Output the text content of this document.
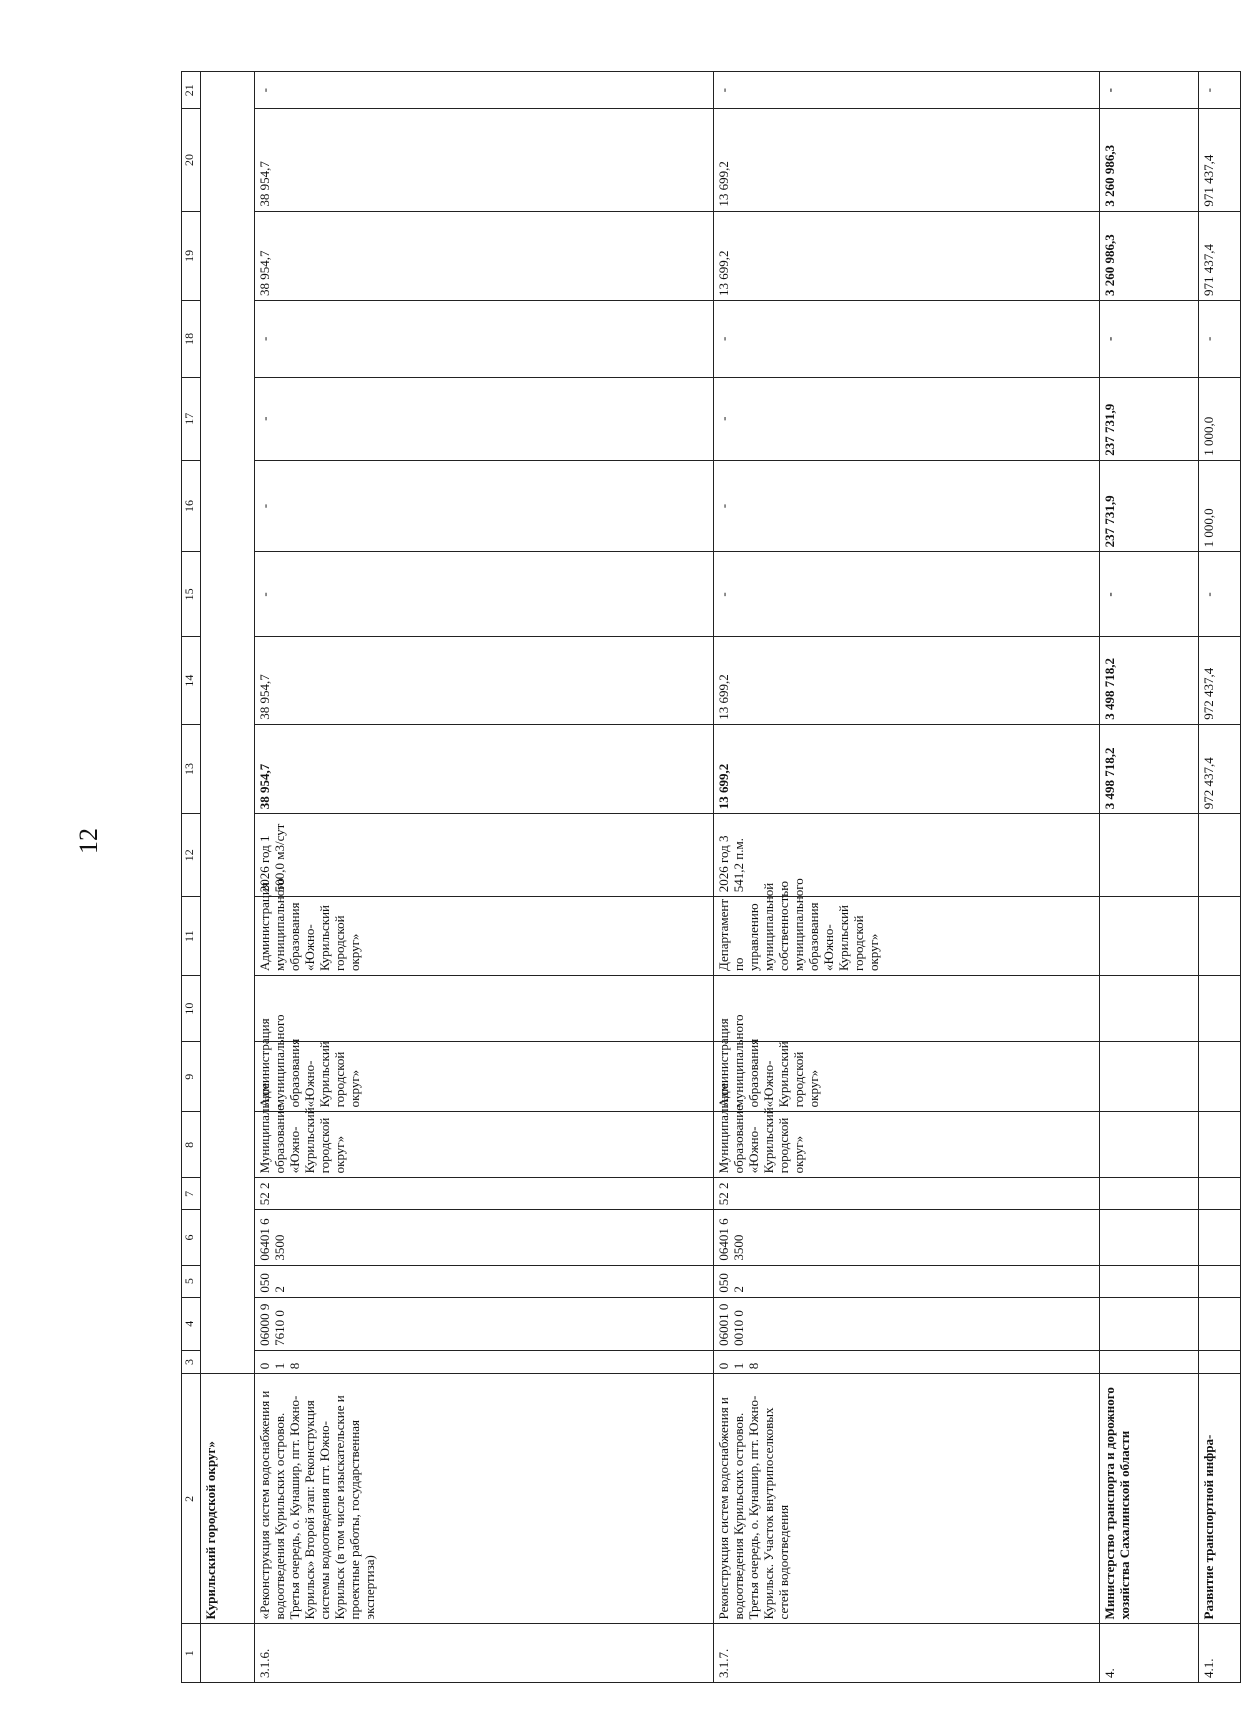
12
1	2	3	4	5	6	7	8	9	10	11	12	13	14	15	16	17	18	19	20	21
	Курильский городской округ»																			
3.1.6.	«Реконструкция систем водоснабжения и водоотведения Курильских островов. Третья очередь, о. Кунашир, пгт. Южно-Курильск» Второй этап: Реконструкция системы водоотведения пгт. Южно-Курильск (в том числе изыскательские и проектные работы, государственная экспертиза)	0 1 8	06000 97610 0	050 2	06401 63500	52 2	Муниципальное образование «Южно-Курильский городской округ»	Администрация муниципального образования «Южно-Курильский городской округ»		Администрация муниципального образования «Южно-Курильский городской округ»	2026 год 1 500,0 м3/сут	38 954,7	38 954,7	-	-	-	-	38 954,7	38 954,7	-
3.1.7.	Реконструкция систем водоснабжения и водоотведения Курильских островов. Третья очередь, о. Кунашир, пгт. Южно-Курильск. Участок внутрипоселковых сетей водоотведения	0 1 8	06001 00010 0	050 2	06401 63500	52 2	Муниципальное образование «Южно-Курильский городской округ»	Администрация муниципального образования «Южно-Курильский городской округ»		Департамент по управлению муниципальной собственностью муниципального образования «Южно-Курильский городской округ»	2026 год 3 541,2 п.м.	13 699,2	13 699,2	-	-	-	-	13 699,2	13 699,2	-
4.	Министерство транспорта и дорожного хозяйства Сахалинской области											3 498 718,2	3 498 718,2	-	237 731,9	237 731,9	-	3 260 986,3	3 260 986,3	-
4.1.	Развитие транспортной инфра-											972 437,4	972 437,4	-	1 000,0	1 000,0	-	971 437,4	971 437,4	-
